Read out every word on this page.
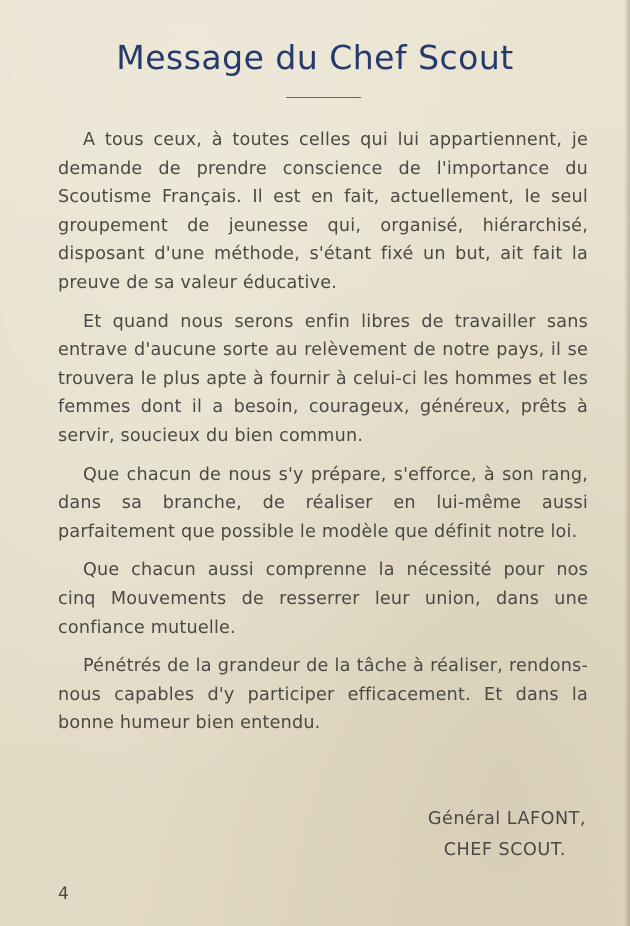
Message du Chef Scout

A tous ceux, à toutes celles qui lui appartiennent, je demande de prendre conscience de l'importance du Scoutisme Français. Il est en fait, actuellement, le seul groupement de jeunesse qui, organisé, hiérarchisé, disposant d'une méthode, s'étant fixé un but, ait fait la preuve de sa valeur éducative.

Et quand nous serons enfin libres de travailler sans entrave d'aucune sorte au relèvement de notre pays, il se trouvera le plus apte à fournir à celui-ci les hommes et les femmes dont il a besoin, courageux, généreux, prêts à servir, soucieux du bien commun.

Que chacun de nous s'y prépare, s'efforce, à son rang, dans sa branche, de réaliser en lui-même aussi parfaitement que possible le modèle que définit notre loi.

Que chacun aussi comprenne la nécessité pour nos cinq Mouvements de resserrer leur union, dans une confiance mutuelle.

Pénétrés de la grandeur de la tâche à réaliser, rendons-nous capables d'y participer efficacement. Et dans la bonne humeur bien entendu.

Général LAFONT,
CHEF SCOUT.
4
